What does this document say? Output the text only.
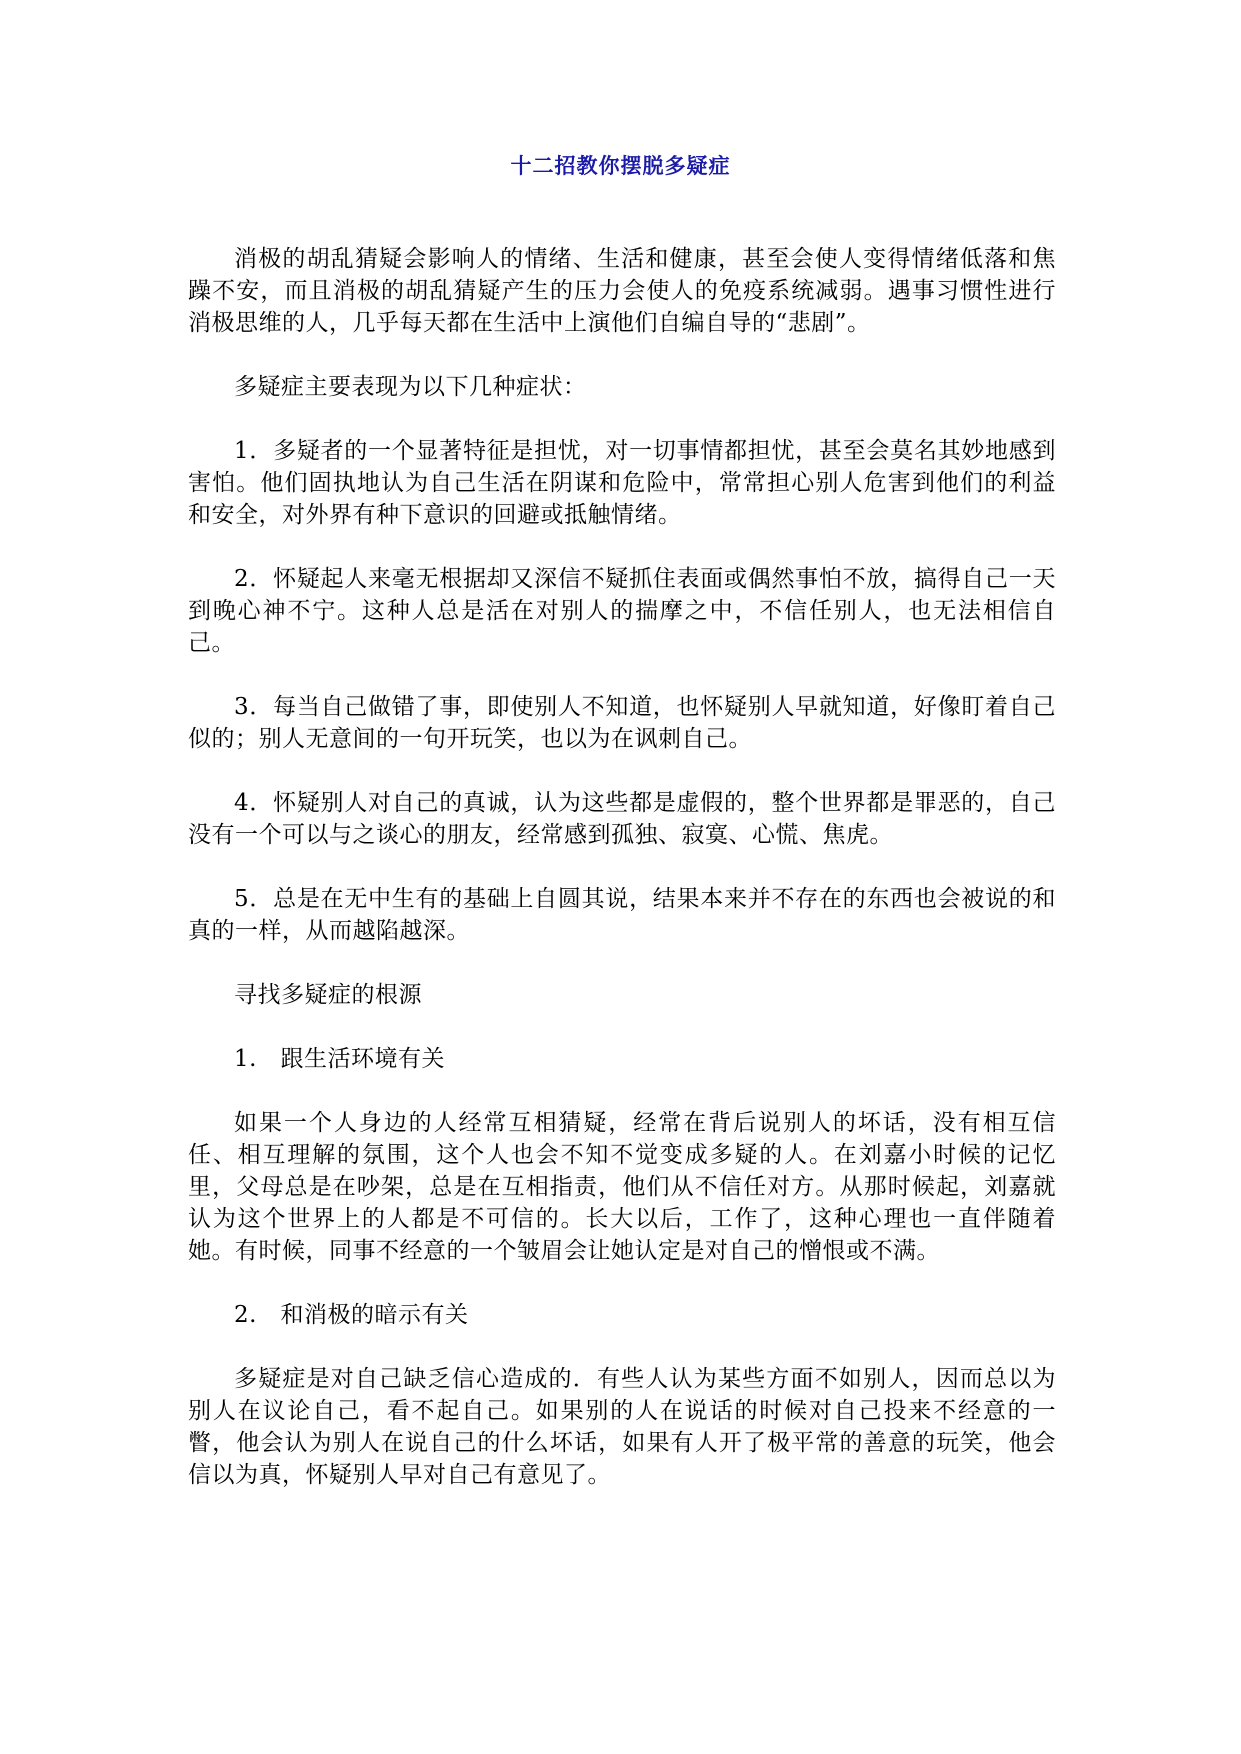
十二招教你摆脱多疑症

消极的胡乱猜疑会影响人的情绪、生活和健康，甚至会使人变得情绪低落和焦躁不安，而且消极的胡乱猜疑产生的压力会使人的免疫系统减弱。遇事习惯性进行消极思维的人，几乎每天都在生活中上演他们自编自导的“悲剧”。

多疑症主要表现为以下几种症状：

1．多疑者的一个显著特征是担忧，对一切事情都担忧，甚至会莫名其妙地感到害怕。他们固执地认为自己生活在阴谋和危险中，常常担心别人危害到他们的利益和安全，对外界有种下意识的回避或抵触情绪。

2．怀疑起人来毫无根据却又深信不疑抓住表面或偶然事怕不放，搞得自己一天到晚心神不宁。这种人总是活在对别人的揣摩之中，不信任别人，也无法相信自己。

3．每当自己做错了事，即使别人不知道，也怀疑别人早就知道，好像盯着自己似的；别人无意间的一句开玩笑，也以为在讽刺自己。

4．怀疑别人对自己的真诚，认为这些都是虚假的，整个世界都是罪恶的，自己没有一个可以与之谈心的朋友，经常感到孤独、寂寞、心慌、焦虎。

5．总是在无中生有的基础上自圆其说，结果本来并不存在的东西也会被说的和真的一样，从而越陷越深。

寻找多疑症的根源

1.　跟生活环境有关

如果一个人身边的人经常互相猜疑，经常在背后说别人的坏话，没有相互信任、相互理解的氛围，这个人也会不知不觉变成多疑的人。在刘嘉小时候的记忆里，父母总是在吵架，总是在互相指责，他们从不信任对方。从那时候起，刘嘉就认为这个世界上的人都是不可信的。长大以后，工作了，这种心理也一直伴随着她。有时候，同事不经意的一个皱眉会让她认定是对自己的憎恨或不满。

2.　和消极的暗示有关

多疑症是对自己缺乏信心造成的．有些人认为某些方面不如别人，因而总以为别人在议论自己，看不起自己。如果别的人在说话的时候对自己投来不经意的一瞥，他会认为别人在说自己的什么坏话，如果有人开了极平常的善意的玩笑，他会信以为真，怀疑别人早对自己有意见了。
